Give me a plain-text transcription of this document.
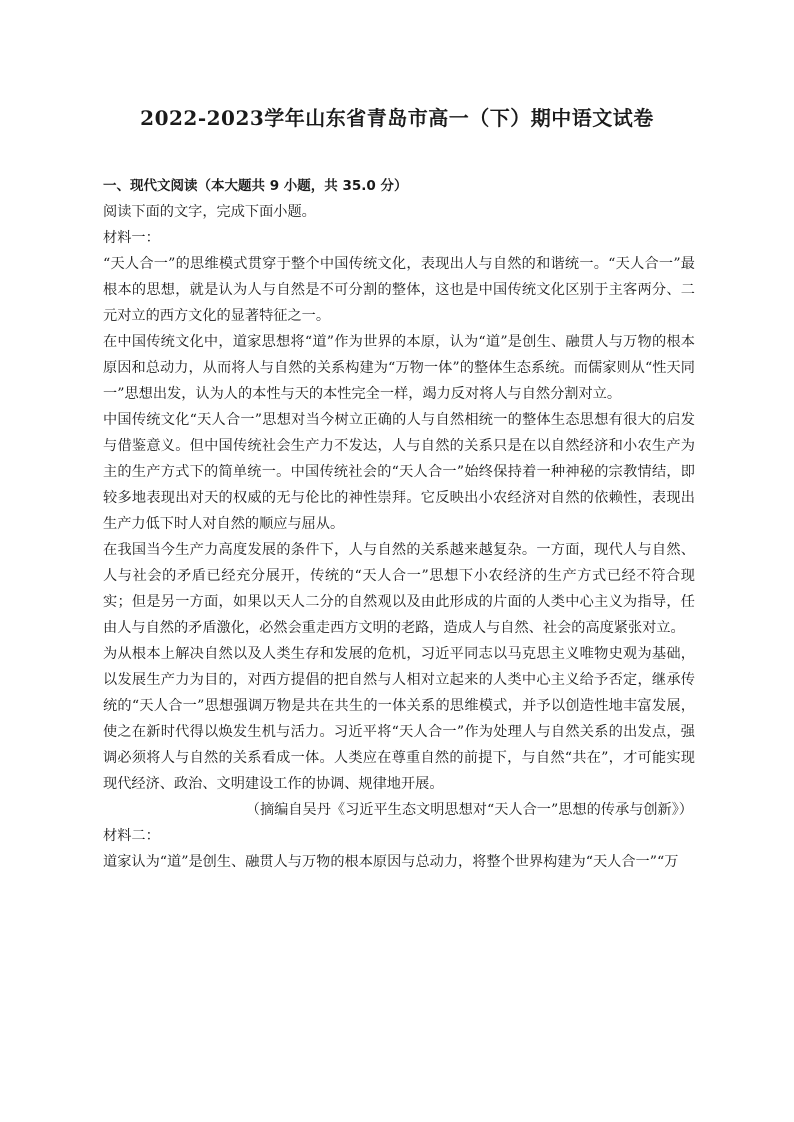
2022-2023学年山东省青岛市高一（下）期中语文试卷

一、现代文阅读（本大题共 9 小题，共 35.0 分）

阅读下面的文字，完成下面小题。

材料一：

“天人合一”的思维模式贯穿于整个中国传统文化，表现出人与自然的和谐统一。“天人合一”最根本的思想，就是认为人与自然是不可分割的整体，这也是中国传统文化区别于主客两分、二元对立的西方文化的显著特征之一。

在中国传统文化中，道家思想将“道”作为世界的本原，认为“道”是创生、融贯人与万物的根本原因和总动力，从而将人与自然的关系构建为“万物一体”的整体生态系统。而儒家则从“性天同一”思想出发，认为人的本性与天的本性完全一样，竭力反对将人与自然分割对立。

中国传统文化“天人合一”思想对当今树立正确的人与自然相统一的整体生态思想有很大的启发与借鉴意义。但中国传统社会生产力不发达，人与自然的关系只是在以自然经济和小农生产为主的生产方式下的简单统一。中国传统社会的“天人合一”始终保持着一种神秘的宗教情结，即较多地表现出对天的权威的无与伦比的神性崇拜。它反映出小农经济对自然的依赖性，表现出生产力低下时人对自然的顺应与屈从。

在我国当今生产力高度发展的条件下，人与自然的关系越来越复杂。一方面，现代人与自然、人与社会的矛盾已经充分展开，传统的“天人合一”思想下小农经济的生产方式已经不符合现实；但是另一方面，如果以天人二分的自然观以及由此形成的片面的人类中心主义为指导，任由人与自然的矛盾激化，必然会重走西方文明的老路，造成人与自然、社会的高度紧张对立。

为从根本上解决自然以及人类生存和发展的危机，习近平同志以马克思主义唯物史观为基础，以发展生产力为目的，对西方提倡的把自然与人相对立起来的人类中心主义给予否定，继承传统的“天人合一”思想强调万物是共在共生的一体关系的思维模式，并予以创造性地丰富发展，使之在新时代得以焕发生机与活力。习近平将“天人合一”作为处理人与自然关系的出发点，强调必须将人与自然的关系看成一体。人类应在尊重自然的前提下，与自然“共在”，才可能实现现代经济、政治、文明建设工作的协调、规律地开展。

（摘编自吴丹《习近平生态文明思想对“天人合一”思想的传承与创新》）

材料二：

道家认为“道”是创生、融贯人与万物的根本原因与总动力，将整个世界构建为“天人合一”“万
